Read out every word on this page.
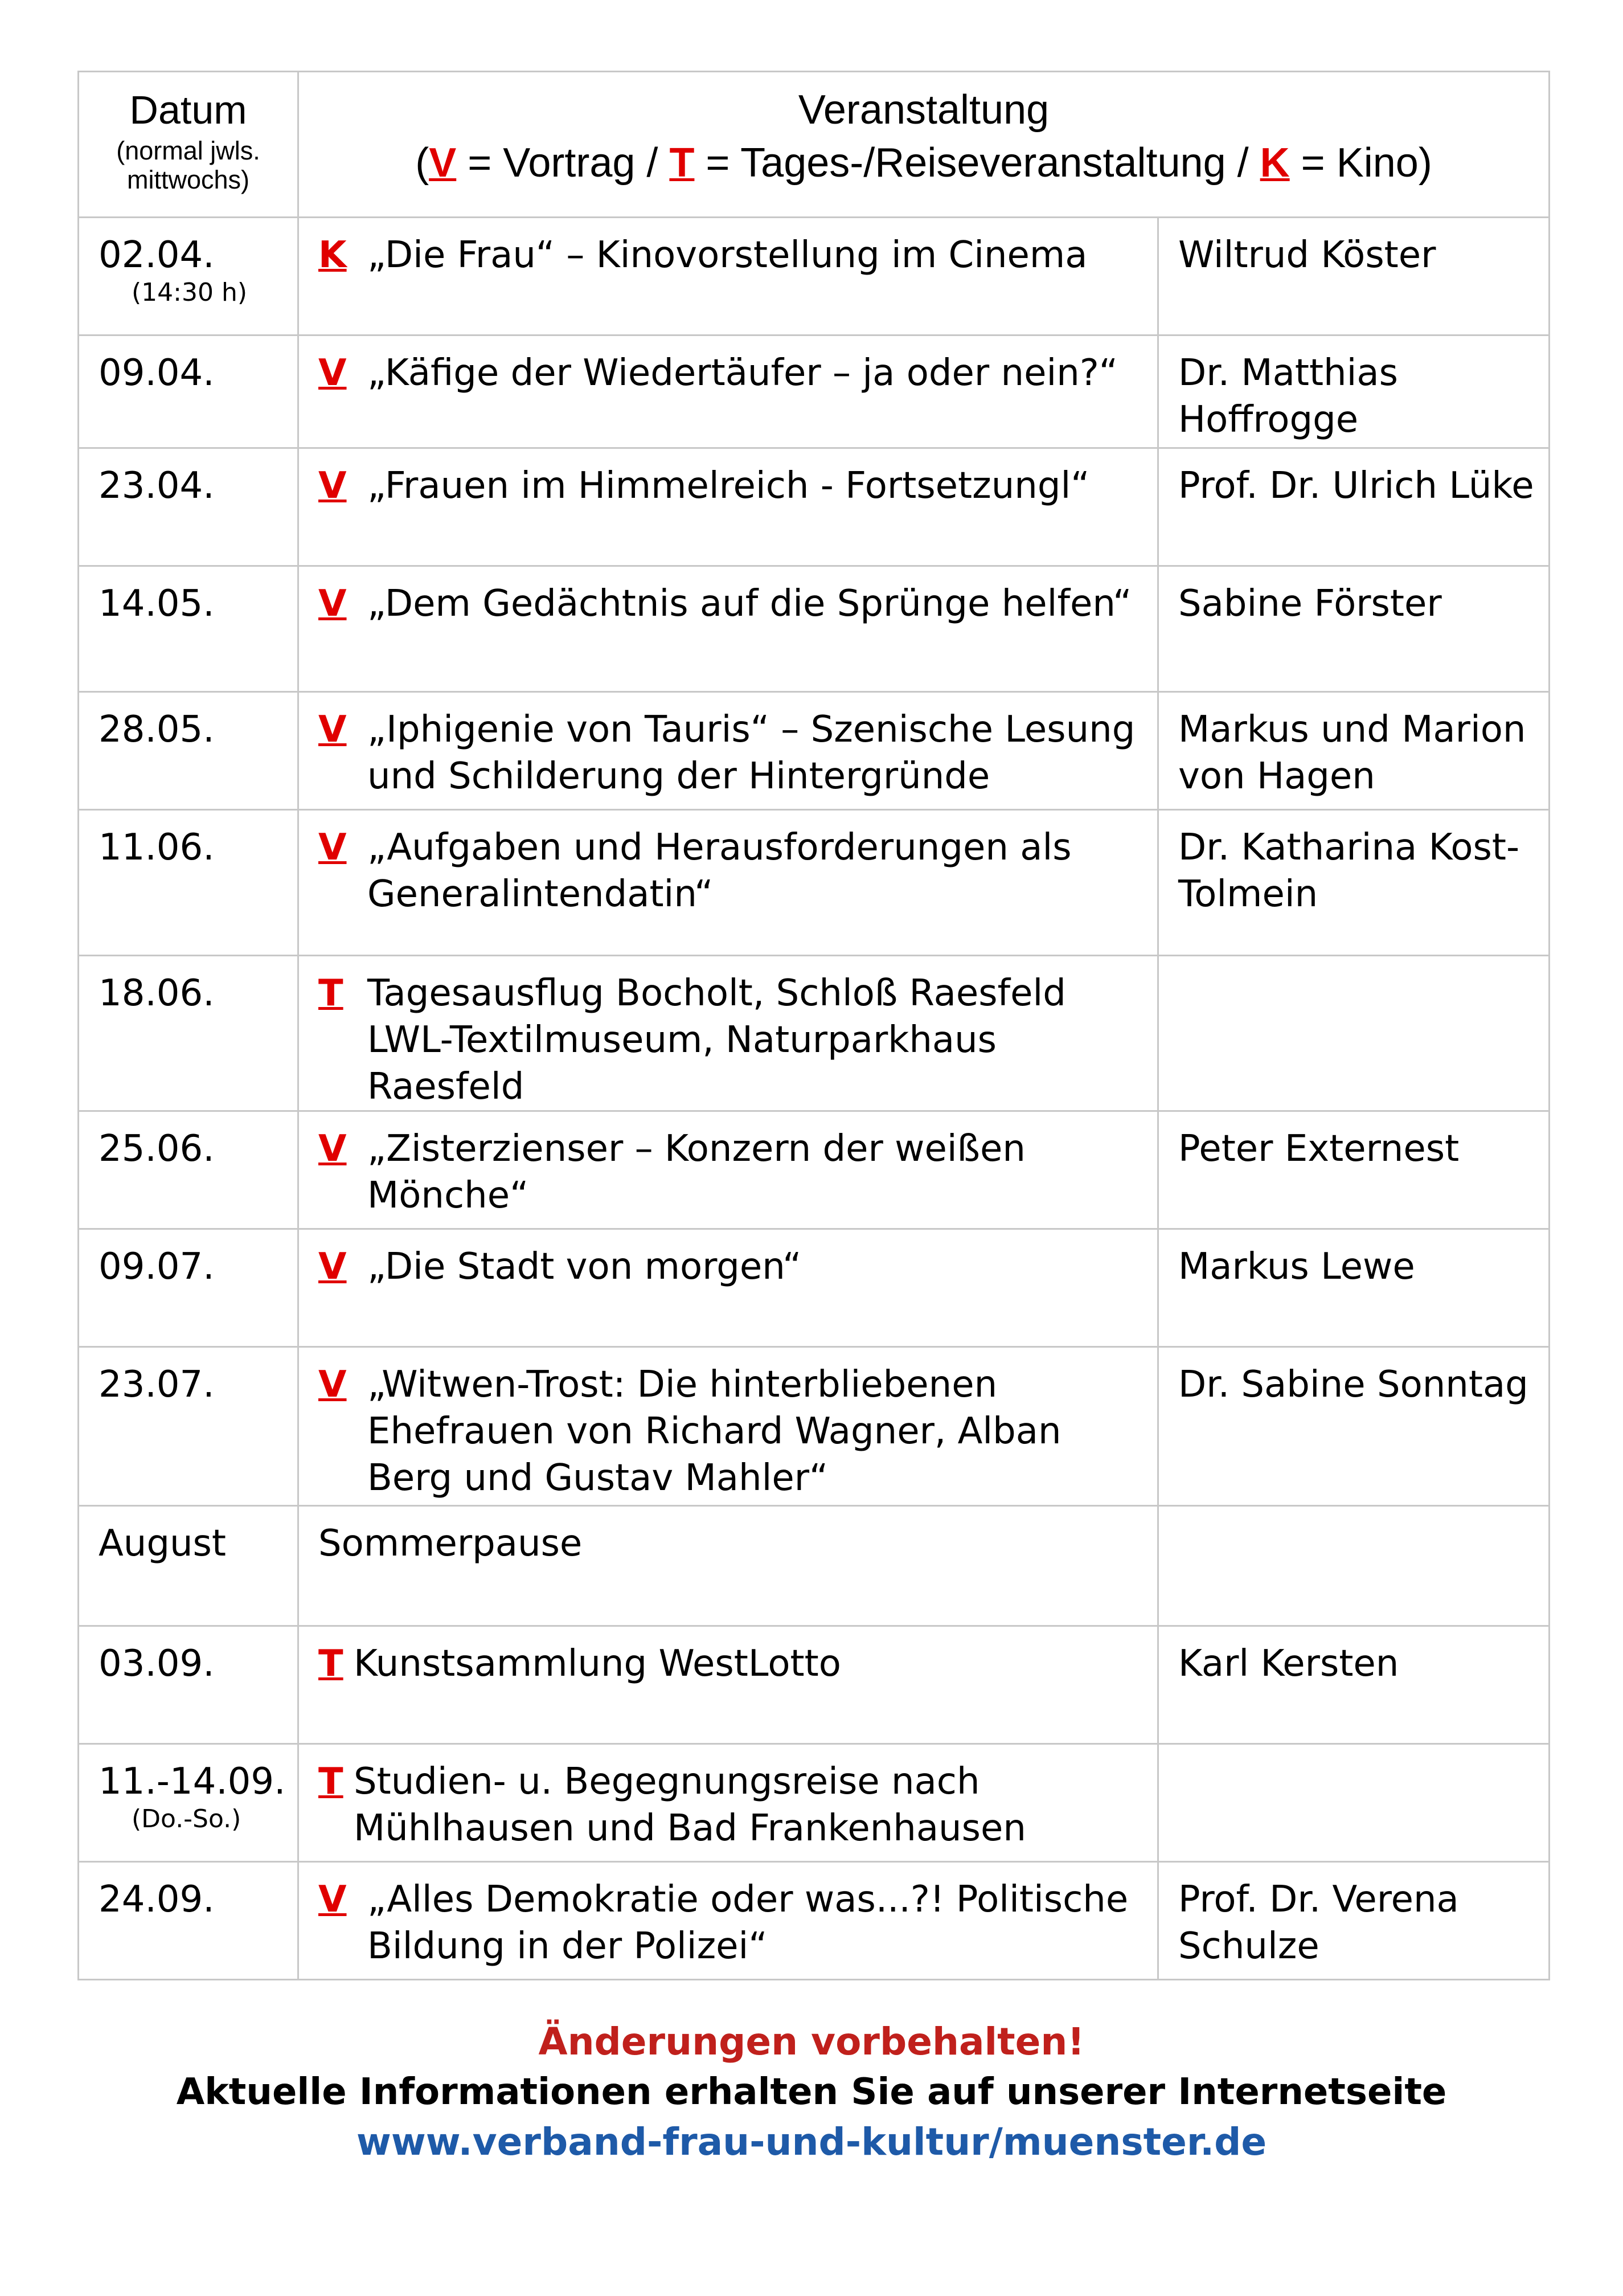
Datum
(normal jwls.
mittwochs)	Veranstaltung
(V = Vortrag / T = Tages-/Reiseveranstaltung / K = Kino)	

02.04.
(14:30 h)	K „Die Frau“ – Kinovorstellung im Cinema	Wiltrud Köster
09.04.	V „Käfige der Wiedertäufer – ja oder nein?“	Dr. Matthias Hoffrogge
23.04.	V „Frauen im Himmelreich - Fortsetzungl“	Prof. Dr. Ulrich Lüke
14.05.	V „Dem Gedächtnis auf die Sprünge helfen“	Sabine Förster
28.05.	V „Iphigenie von Tauris“ – Szenische Lesung und Schilderung der Hintergründe	Markus und Marion von Hagen
11.06.	V „Aufgaben und Herausforderungen als Generalintendatin“	Dr. Katharina Kost-Tolmein
18.06.	T Tagesausflug Bocholt, Schloß Raesfeld LWL-Textilmuseum, Naturparkhaus Raesfeld	

25.06.	V „Zisterzienser – Konzern der weißen Mönche“	Peter Externest
09.07.	V „Die Stadt von morgen“	Markus Lewe
23.07.	V „Witwen-Trost: Die hinterbliebenen Ehefrauen von Richard Wagner, Alban Berg und Gustav Mahler“	Dr. Sabine Sonntag
August	Sommerpause	
03.09.	T Kunstsammlung WestLotto	Karl Kersten
11.-14.09.
(Do.-So.)	T Studien- u. Begegnungsreise nach Mühlhausen und Bad Frankenhausen	

24.09.	V „Alles Demokratie oder was...?! Politische Bildung in der Polizei“	Prof. Dr. Verena Schulze
Änderungen vorbehalten!
Aktuelle Informationen erhalten Sie auf unserer Internetseite
www.verband-frau-und-kultur/muenster.de
